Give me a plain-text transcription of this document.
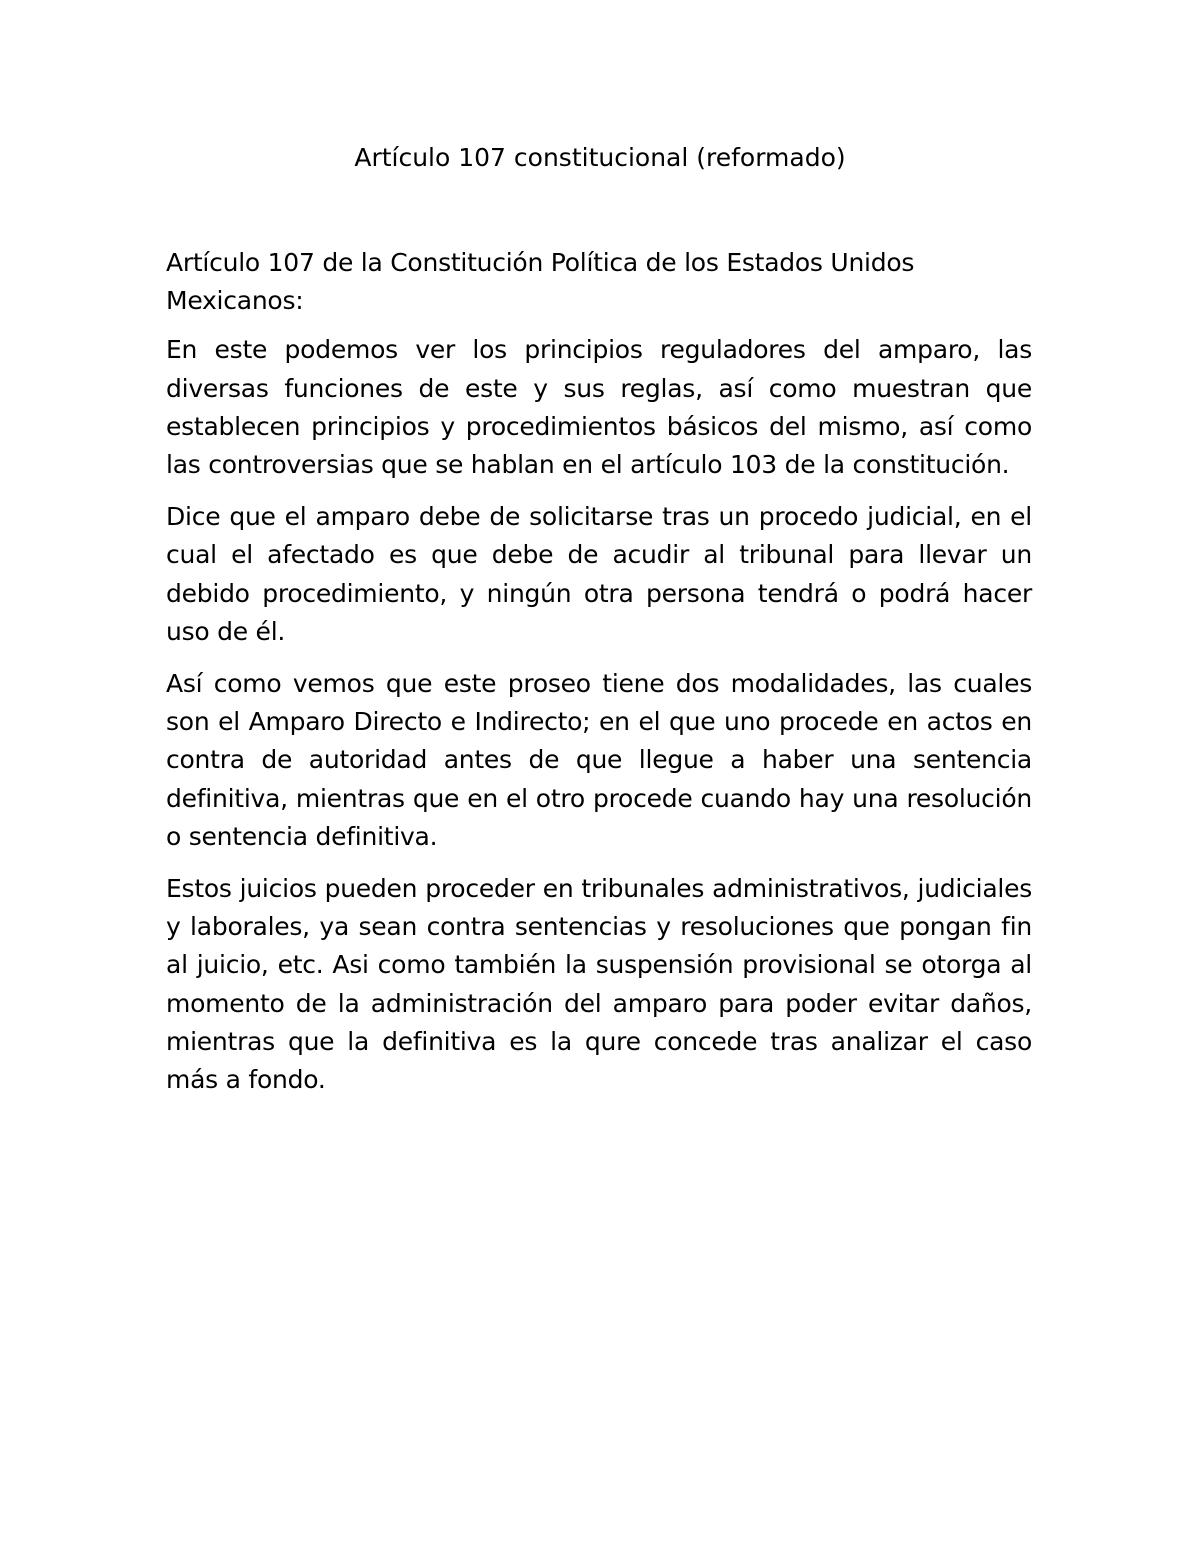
Artículo 107 constitucional (reformado)

Artículo 107 de la Constitución Política de los Estados Unidos Mexicanos:

En este podemos ver los principios reguladores del amparo, las diversas funciones de este y sus reglas, así como muestran que establecen principios y procedimientos básicos del mismo, así como las controversias que se hablan en el artículo 103 de la constitución.

Dice que el amparo debe de solicitarse tras un procedo judicial, en el cual el afectado es que debe de acudir al tribunal para llevar un debido procedimiento, y ningún otra persona tendrá o podrá hacer uso de él.

Así como vemos que este proseo tiene dos modalidades, las cuales son el Amparo Directo e Indirecto; en el que uno procede en actos en contra de autoridad antes de que llegue a haber una sentencia definitiva, mientras que en el otro procede cuando hay una resolución o sentencia definitiva.

Estos juicios pueden proceder en tribunales administrativos, judiciales y laborales, ya sean contra sentencias y resoluciones que pongan fin al juicio, etc. Asi como también la suspensión provisional se otorga al momento de la administración del amparo para poder evitar daños, mientras que la definitiva es la qure concede tras analizar el caso más a fondo.
